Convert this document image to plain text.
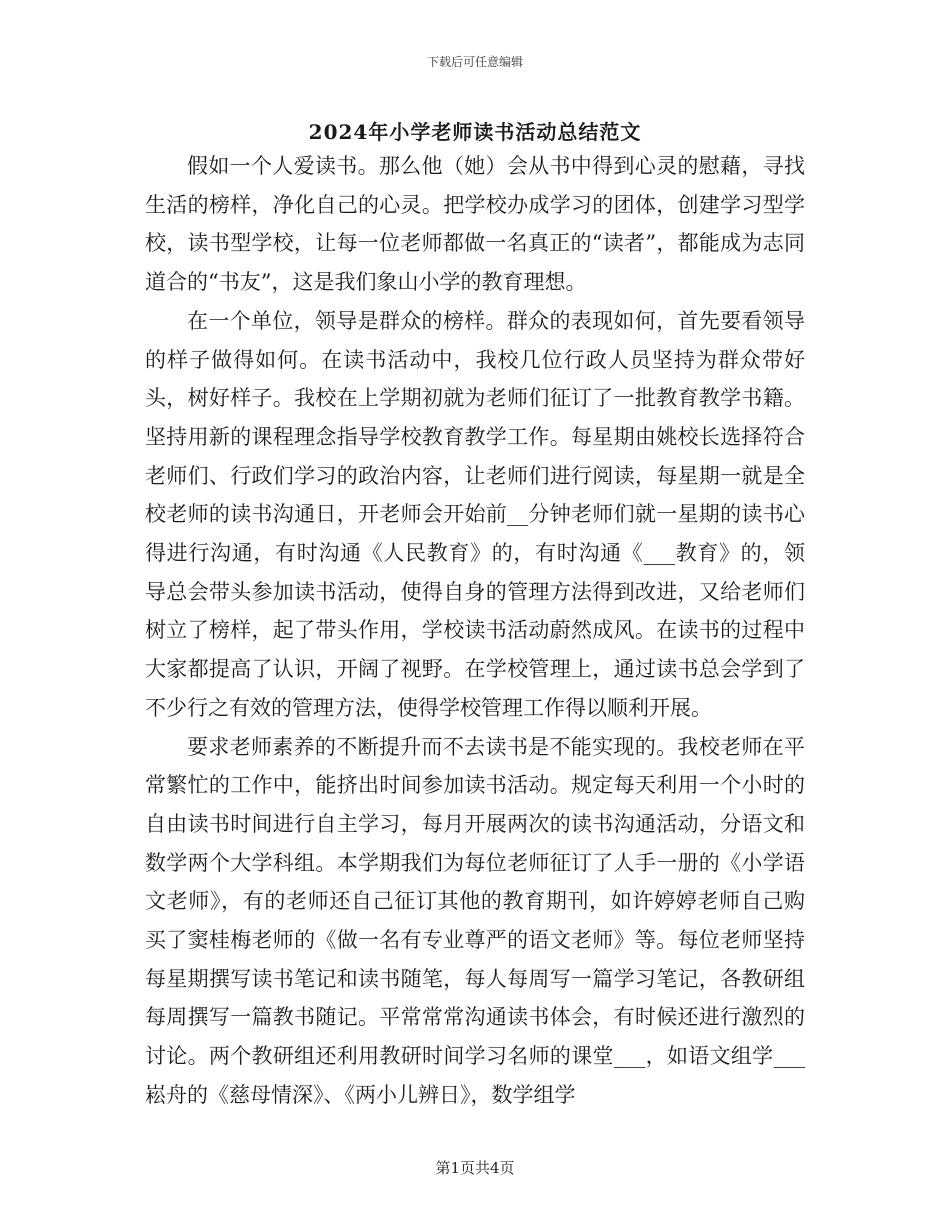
下载后可任意编辑
2024年小学老师读书活动总结范文

假如一个人爱读书。那么他（她）会从书中得到心灵的慰藉，寻找生活的榜样，净化自己的心灵。把学校办成学习的团体，创建学习型学校，读书型学校，让每一位老师都做一名真正的“读者”，都能成为志同道合的“书友”，这是我们象山小学的教育理想。

在一个单位，领导是群众的榜样。群众的表现如何，首先要看领导的样子做得如何。在读书活动中，我校几位行政人员坚持为群众带好头，树好样子。我校在上学期初就为老师们征订了一批教育教学书籍。坚持用新的课程理念指导学校教育教学工作。每星期由姚校长选择符合老师们、行政们学习的政治内容，让老师们进行阅读，每星期一就是全校老师的读书沟通日，开老师会开始前__分钟老师们就一星期的读书心得进行沟通，有时沟通《人民教育》的，有时沟通《___教育》的，领导总会带头参加读书活动，使得自身的管理方法得到改进，又给老师们树立了榜样，起了带头作用，学校读书活动蔚然成风。在读书的过程中大家都提高了认识，开阔了视野。在学校管理上，通过读书总会学到了不少行之有效的管理方法，使得学校管理工作得以顺利开展。

要求老师素养的不断提升而不去读书是不能实现的。我校老师在平常繁忙的工作中，能挤出时间参加读书活动。规定每天利用一个小时的自由读书时间进行自主学习，每月开展两次的读书沟通活动，分语文和数学两个大学科组。本学期我们为每位老师征订了人手一册的《小学语文老师》，有的老师还自己征订其他的教育期刊，如许婷婷老师自己购买了窦桂梅老师的《做一名有专业尊严的语文老师》等。每位老师坚持每星期撰写读书笔记和读书随笔，每人每周写一篇学习笔记，各教研组每周撰写一篇教书随记。平常常常沟通读书体会，有时候还进行激烈的讨论。两个教研组还利用教研时间学习名师的课堂___，如语文组学___崧舟的《慈母情深》、《两小儿辨日》，数学组学

第1页共4页
